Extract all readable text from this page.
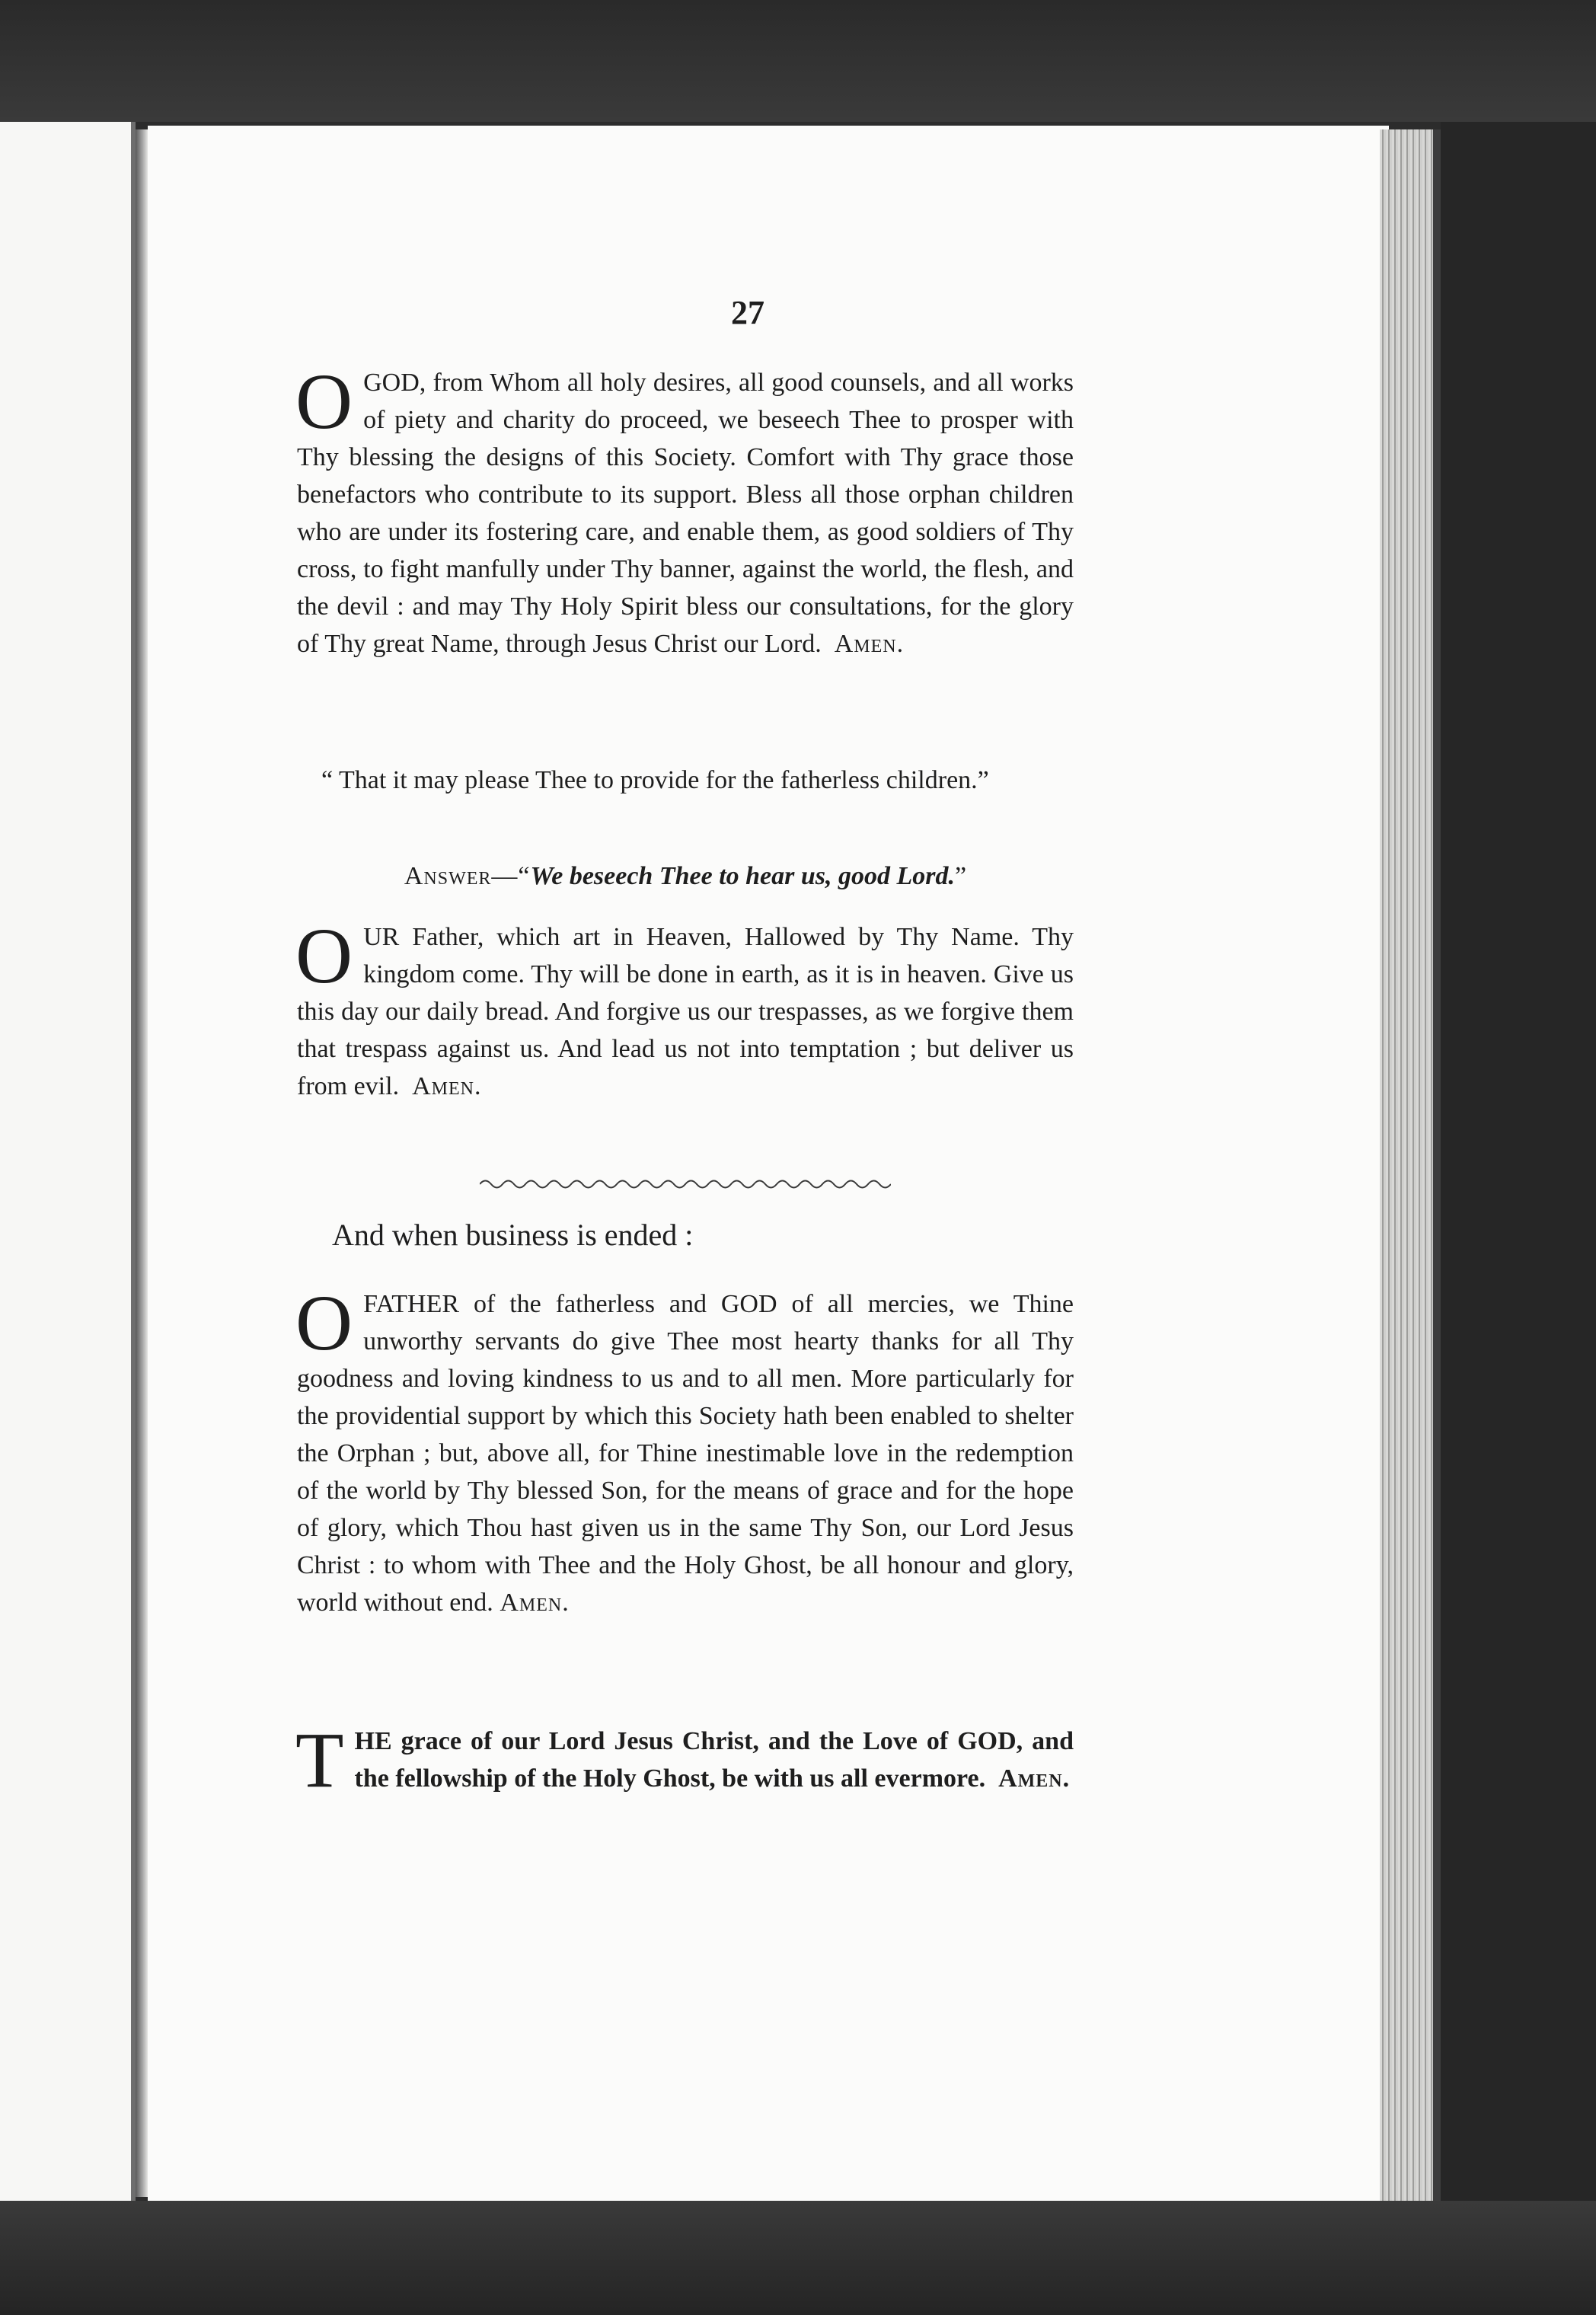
27

O GOD, from Whom all holy desires, all good counsels, and all works of piety and charity do proceed, we beseech Thee to prosper with Thy blessing the designs of this Society. Comfort with Thy grace those benefactors who contribute to its support. Bless all those orphan children who are under its fostering care, and enable them, as good soldiers of Thy cross, to fight manfully under Thy banner, against the world, the flesh, and the devil : and may Thy Holy Spirit bless our consultations, for the glory of Thy great Name, through Jesus Christ our Lord. Amen.

“ That it may please Thee to provide for the fatherless children.”

Answer—“We beseech Thee to hear us, good Lord.”

OUR Father, which art in Heaven, Hallowed by Thy Name. Thy kingdom come. Thy will be done in earth, as it is in heaven. Give us this day our daily bread. And forgive us our trespasses, as we forgive them that trespass against us. And lead us not into temptation ; but deliver us from evil. Amen.

And when business is ended :

O FATHER of the fatherless and GOD of all mercies, we Thine unworthy servants do give Thee most hearty thanks for all Thy goodness and loving kindness to us and to all men. More particularly for the providential support by which this Society hath been enabled to shelter the Orphan ; but, above all, for Thine inestimable love in the redemption of the world by Thy blessed Son, for the means of grace and for the hope of glory, which Thou hast given us in the same Thy Son, our Lord Jesus Christ : to whom with Thee and the Holy Ghost, be all honour and glory, world without end. Amen.

THE grace of our Lord Jesus Christ, and the Love of GOD, and the fellowship of the Holy Ghost, be with us all evermore. Amen.
